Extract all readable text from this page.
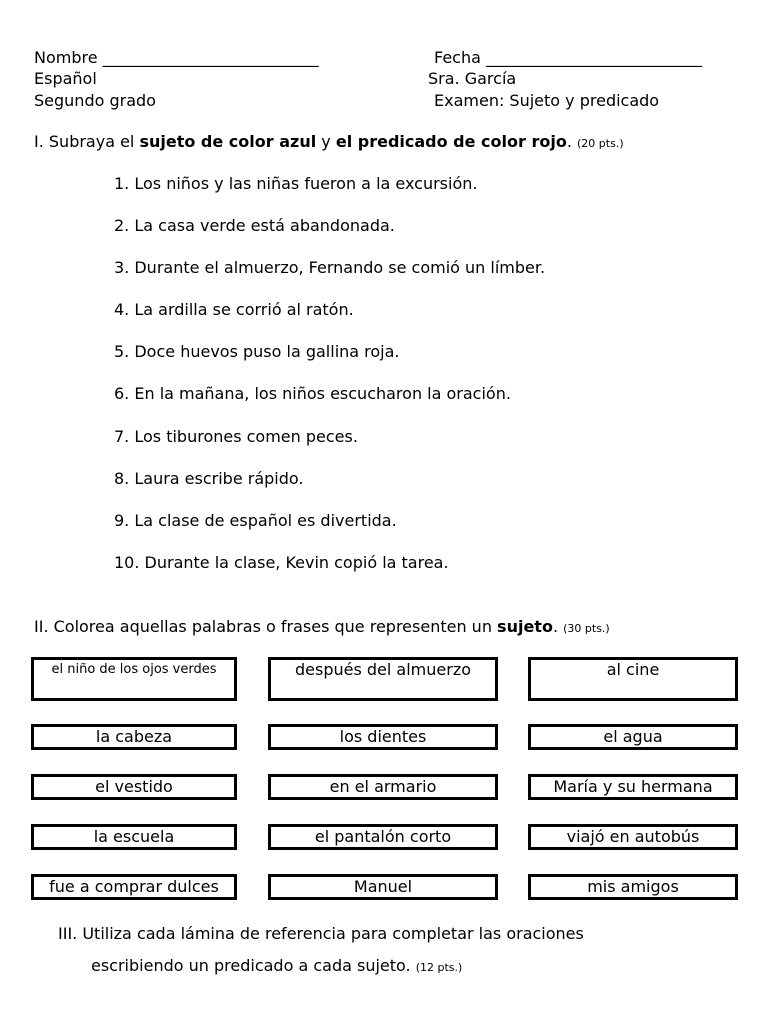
Nombre ___________________________
Español
Segundo grado
Fecha ___________________________
Sra. García
Examen: Sujeto y predicado
I. Subraya el sujeto de color azul y el predicado de color rojo. (20 pts.)
1. Los niños y las niñas fueron a la excursión.
2. La casa verde está abandonada.
3. Durante el almuerzo, Fernando se comió un límber.
4. La ardilla se corrió al ratón.
5. Doce huevos puso la gallina roja.
6. En la mañana, los niños escucharon la oración.
7. Los tiburones comen peces.
8. Laura escribe rápido.
9. La clase de español es divertida.
10. Durante la clase, Kevin copió la tarea.
II. Colorea aquellas palabras o frases que representen un sujeto. (30 pts.)
el niño de los ojos verdes	después del almuerzo	al cine
la cabeza	los dientes	el agua
el vestido	en el armario	María y su hermana
la escuela	el pantalón corto	viajó en autobús
fue a comprar dulces	Manuel	mis amigos
III. Utiliza cada lámina de referencia para completar las oraciones
escribiendo un predicado a cada sujeto. (12 pts.)
